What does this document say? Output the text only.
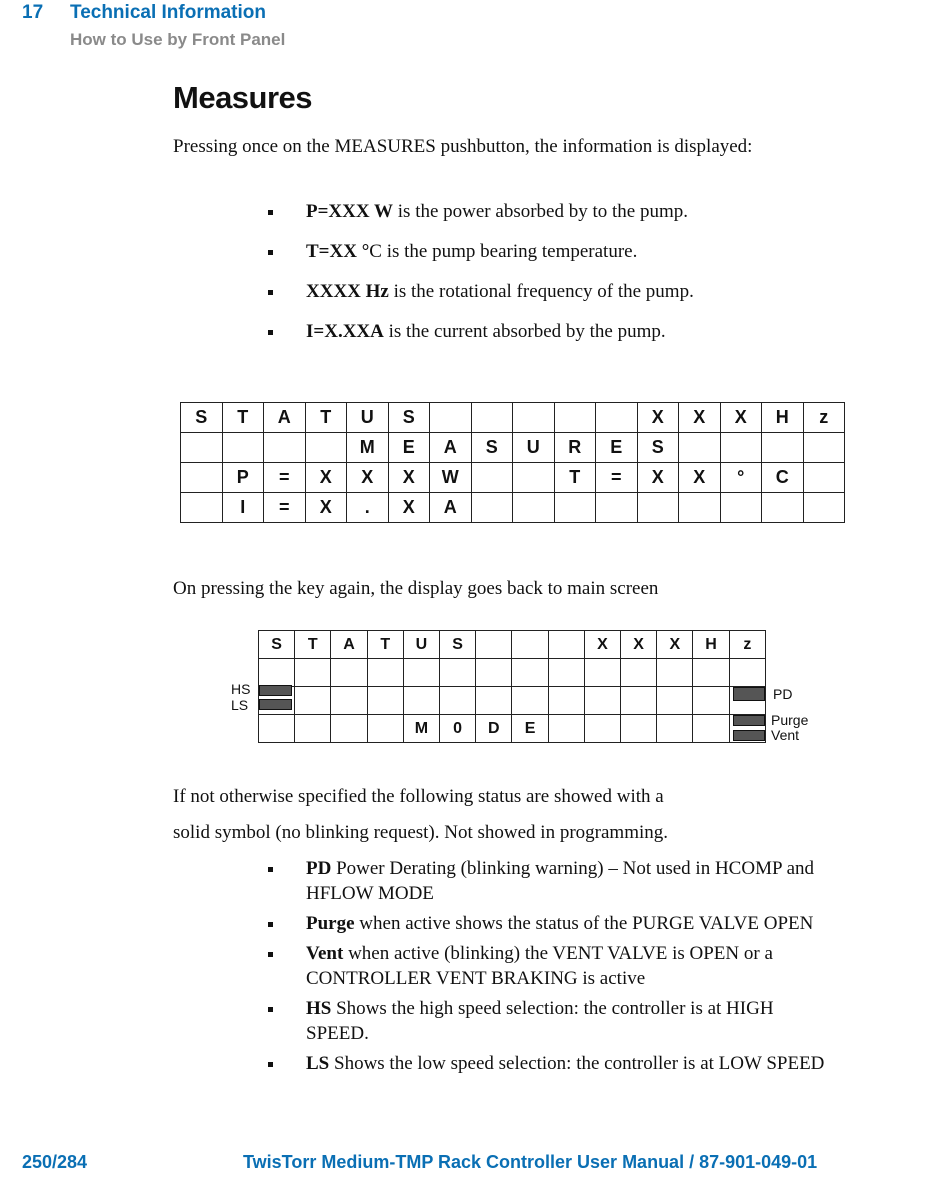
17 Technical Information
How to Use by Front Panel
Measures

Pressing once on the MEASURES pushbutton, the information is displayed:

P=XXX W is the power absorbed by to the pump.
T=XX °C is the pump bearing temperature.
XXXX Hz is the rotational frequency of the pump.
I=X.XXA is the current absorbed by the pump.
S	T	A	T	U	S						X	X	X	H	z
				M	E	A	S	U	R	E	S				
	P	=	X	X	X	W			T	=	X	X	°	C	
	I	=	X	.	X	A									

On pressing the key again, the display goes back to main screen

S	T	A	T	U	S				X	X	X	H	z

				M	0	D	E						
HS
LS
PD
Purge
Vent

If not otherwise specified the following status are showed with a

solid symbol (no blinking request). Not showed in programming.

PD Power Derating (blinking warning) – Not used in HCOMP and HFLOW MODE
Purge when active shows the status of the PURGE VALVE OPEN
Vent when active (blinking) the VENT VALVE is OPEN or a CONTROLLER VENT BRAKING is active
HS Shows the high speed selection: the controller is at HIGH SPEED.
LS Shows the low speed selection: the controller is at LOW SPEED
250/284	TwisTorr Medium-TMP Rack Controller User Manual / 87-901-049-01
